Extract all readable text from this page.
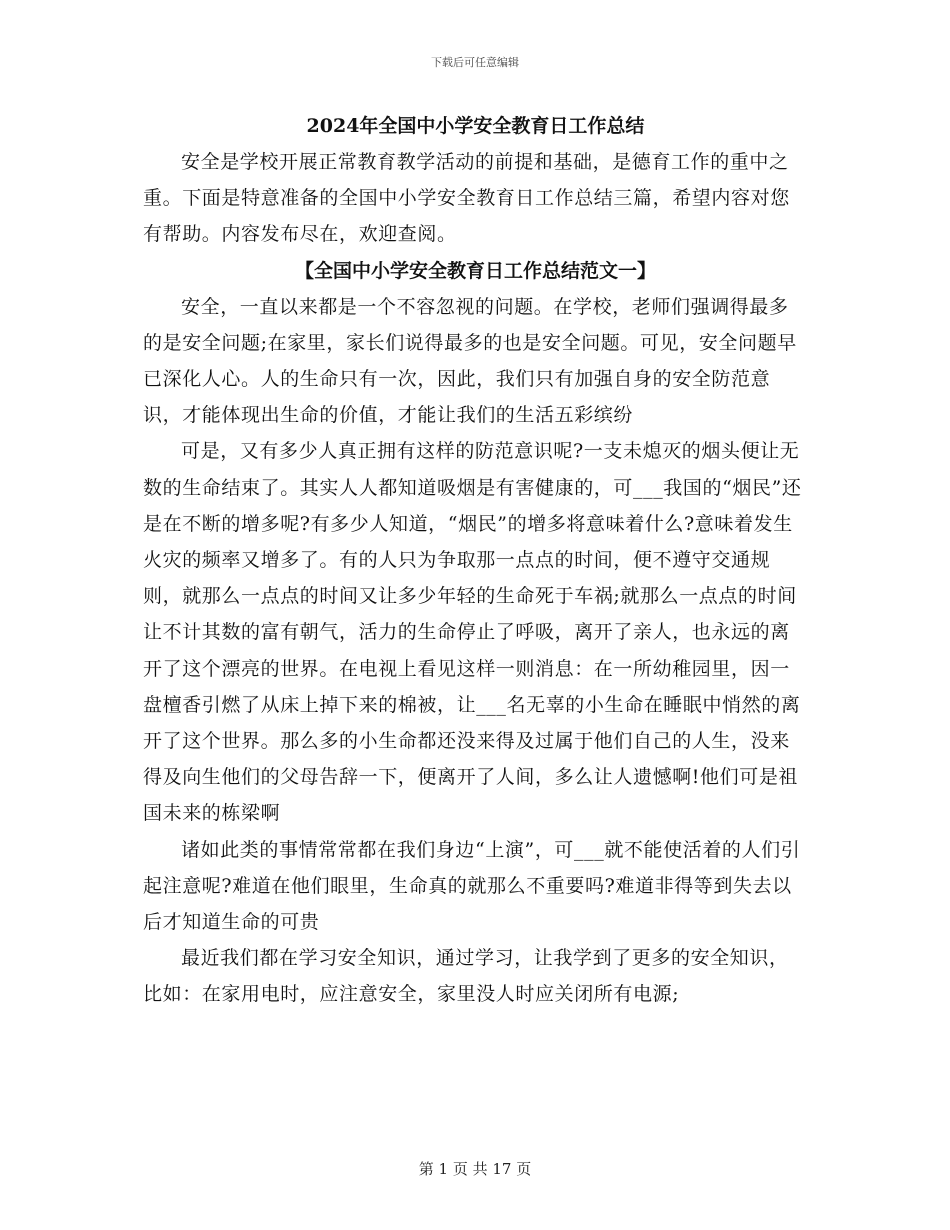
下载后可任意编辑
2024年全国中小学安全教育日工作总结

安全是学校开展正常教育教学活动的前提和基础，是德育工作的重中之重。下面是特意准备的全国中小学安全教育日工作总结三篇，希望内容对您有帮助。内容发布尽在，欢迎查阅。

【全国中小学安全教育日工作总结范文一】

安全，一直以来都是一个不容忽视的问题。在学校，老师们强调得最多的是安全问题;在家里，家长们说得最多的也是安全问题。可见，安全问题早已深化人心。人的生命只有一次，因此，我们只有加强自身的安全防范意识，才能体现出生命的价值，才能让我们的生活五彩缤纷

可是，又有多少人真正拥有这样的防范意识呢?一支未熄灭的烟头便让无数的生命结束了。其实人人都知道吸烟是有害健康的，可___我国的“烟民”还是在不断的增多呢?有多少人知道，“烟民”的增多将意味着什么?意味着发生火灾的频率又增多了。有的人只为争取那一点点的时间，便不遵守交通规则，就那么一点点的时间又让多少年轻的生命死于车祸;就那么一点点的时间让不计其数的富有朝气，活力的生命停止了呼吸，离开了亲人，也永远的离开了这个漂亮的世界。在电视上看见这样一则消息：在一所幼稚园里，因一盘檀香引燃了从床上掉下来的棉被，让___名无辜的小生命在睡眠中悄然的离开了这个世界。那么多的小生命都还没来得及过属于他们自己的人生，没来得及向生他们的父母告辞一下，便离开了人间，多么让人遗憾啊!他们可是祖国未来的栋梁啊

诸如此类的事情常常都在我们身边“上演”，可___就不能使活着的人们引起注意呢?难道在他们眼里，生命真的就那么不重要吗?难道非得等到失去以后才知道生命的可贵

最近我们都在学习安全知识，通过学习，让我学到了更多的安全知识，比如：在家用电时，应注意安全，家里没人时应关闭所有电源;

第 1 页 共 17 页
